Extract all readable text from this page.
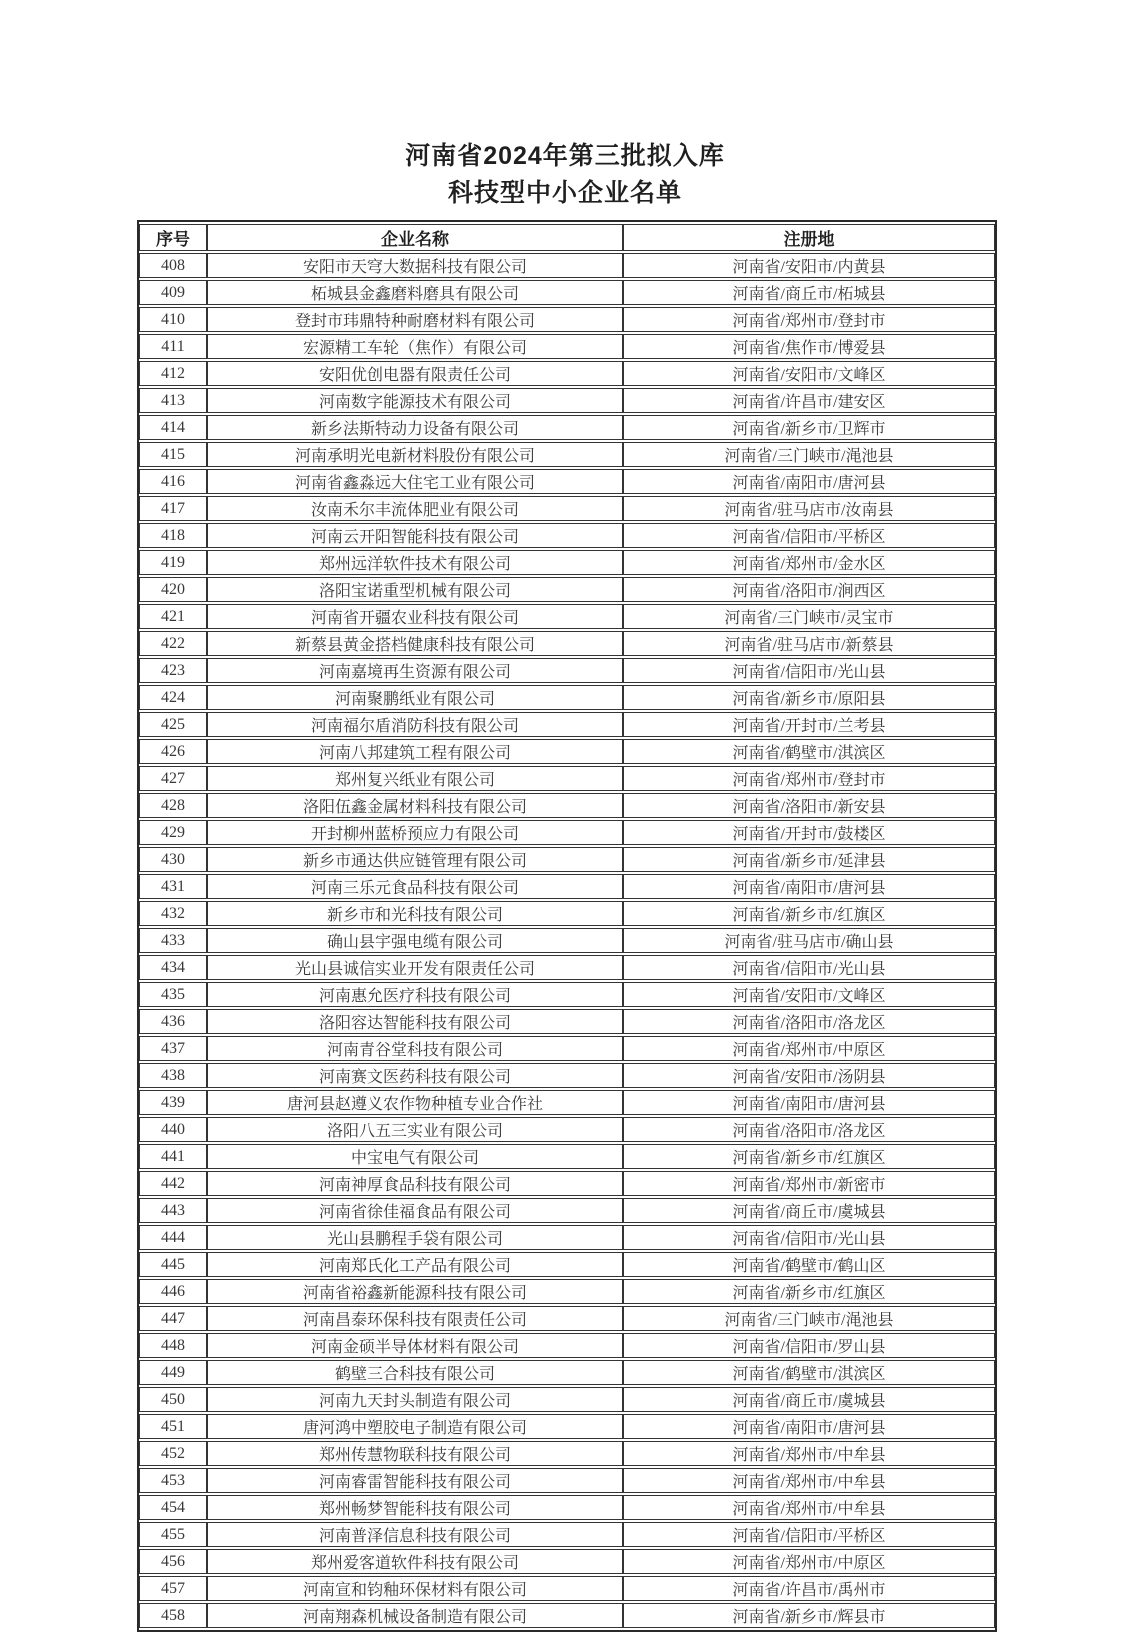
河南省2024年第三批拟入库
科技型中小企业名单
序号	企业名称	注册地
408	安阳市天穹大数据科技有限公司	河南省/安阳市/内黄县
409	柘城县金鑫磨料磨具有限公司	河南省/商丘市/柘城县
410	登封市玮鼎特种耐磨材料有限公司	河南省/郑州市/登封市
411	宏源精工车轮（焦作）有限公司	河南省/焦作市/博爱县
412	安阳优创电器有限责任公司	河南省/安阳市/文峰区
413	河南数字能源技术有限公司	河南省/许昌市/建安区
414	新乡法斯特动力设备有限公司	河南省/新乡市/卫辉市
415	河南承明光电新材料股份有限公司	河南省/三门峡市/渑池县
416	河南省鑫淼远大住宅工业有限公司	河南省/南阳市/唐河县
417	汝南禾尔丰流体肥业有限公司	河南省/驻马店市/汝南县
418	河南云开阳智能科技有限公司	河南省/信阳市/平桥区
419	郑州远洋软件技术有限公司	河南省/郑州市/金水区
420	洛阳宝诺重型机械有限公司	河南省/洛阳市/涧西区
421	河南省开疆农业科技有限公司	河南省/三门峡市/灵宝市
422	新蔡县黄金搭档健康科技有限公司	河南省/驻马店市/新蔡县
423	河南嘉境再生资源有限公司	河南省/信阳市/光山县
424	河南聚鹏纸业有限公司	河南省/新乡市/原阳县
425	河南福尔盾消防科技有限公司	河南省/开封市/兰考县
426	河南八邦建筑工程有限公司	河南省/鹤壁市/淇滨区
427	郑州复兴纸业有限公司	河南省/郑州市/登封市
428	洛阳伍鑫金属材料科技有限公司	河南省/洛阳市/新安县
429	开封柳州蓝桥预应力有限公司	河南省/开封市/鼓楼区
430	新乡市通达供应链管理有限公司	河南省/新乡市/延津县
431	河南三乐元食品科技有限公司	河南省/南阳市/唐河县
432	新乡市和光科技有限公司	河南省/新乡市/红旗区
433	确山县宇强电缆有限公司	河南省/驻马店市/确山县
434	光山县诚信实业开发有限责任公司	河南省/信阳市/光山县
435	河南惠允医疗科技有限公司	河南省/安阳市/文峰区
436	洛阳容达智能科技有限公司	河南省/洛阳市/洛龙区
437	河南青谷堂科技有限公司	河南省/郑州市/中原区
438	河南赛文医药科技有限公司	河南省/安阳市/汤阴县
439	唐河县赵遵义农作物种植专业合作社	河南省/南阳市/唐河县
440	洛阳八五三实业有限公司	河南省/洛阳市/洛龙区
441	中宝电气有限公司	河南省/新乡市/红旗区
442	河南神厚食品科技有限公司	河南省/郑州市/新密市
443	河南省徐佳福食品有限公司	河南省/商丘市/虞城县
444	光山县鹏程手袋有限公司	河南省/信阳市/光山县
445	河南郑氏化工产品有限公司	河南省/鹤壁市/鹤山区
446	河南省裕鑫新能源科技有限公司	河南省/新乡市/红旗区
447	河南昌泰环保科技有限责任公司	河南省/三门峡市/渑池县
448	河南金硕半导体材料有限公司	河南省/信阳市/罗山县
449	鹤壁三合科技有限公司	河南省/鹤壁市/淇滨区
450	河南九天封头制造有限公司	河南省/商丘市/虞城县
451	唐河鸿中塑胶电子制造有限公司	河南省/南阳市/唐河县
452	郑州传慧物联科技有限公司	河南省/郑州市/中牟县
453	河南睿雷智能科技有限公司	河南省/郑州市/中牟县
454	郑州畅梦智能科技有限公司	河南省/郑州市/中牟县
455	河南普泽信息科技有限公司	河南省/信阳市/平桥区
456	郑州爱客道软件科技有限公司	河南省/郑州市/中原区
457	河南宣和钧釉环保材料有限公司	河南省/许昌市/禹州市
458	河南翔森机械设备制造有限公司	河南省/新乡市/辉县市
